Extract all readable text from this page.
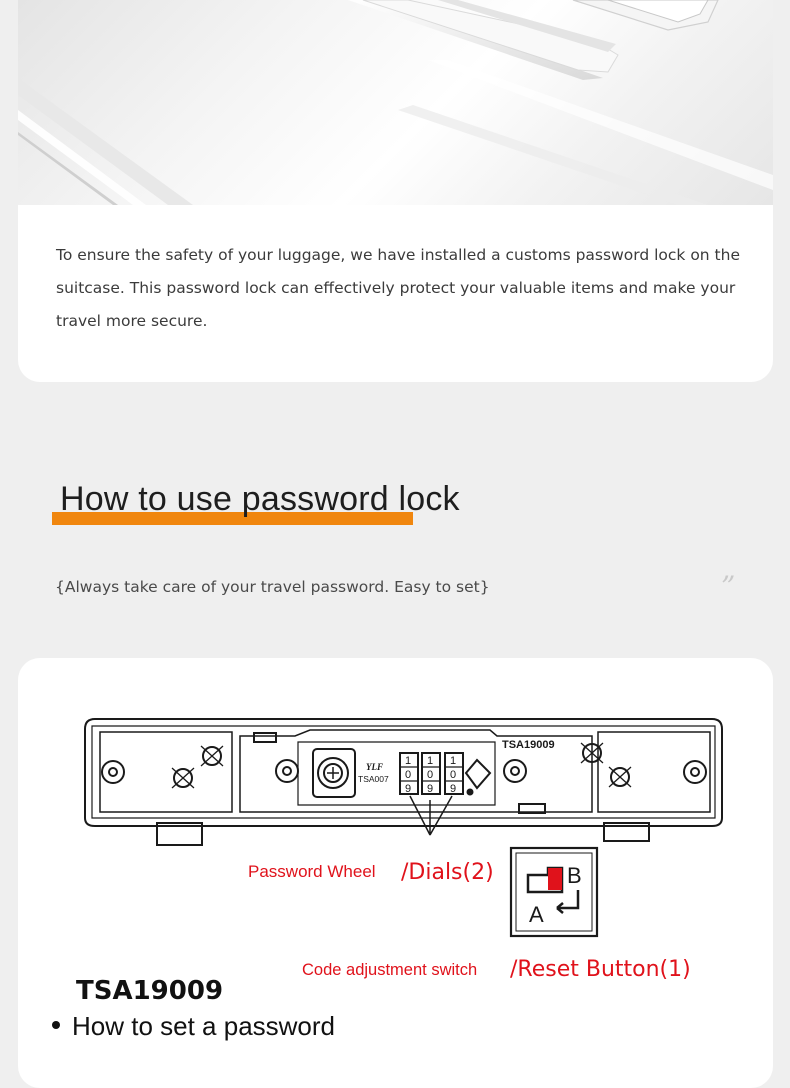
To ensure the safety of your luggage, we have installed a customs password lock on the suitcase. This password lock can effectively protect your valuable items and make your travel more secure.

How to use password lock

{Always take care of your travel password. Easy to set}	”
TSA19009
YLF
TSA007
1
0
9
1
0
9
1
0
9
A
B

Password Wheel /Dials(2)

Code adjustment switch /Reset Button(1)

TSA19009

How to set a password
